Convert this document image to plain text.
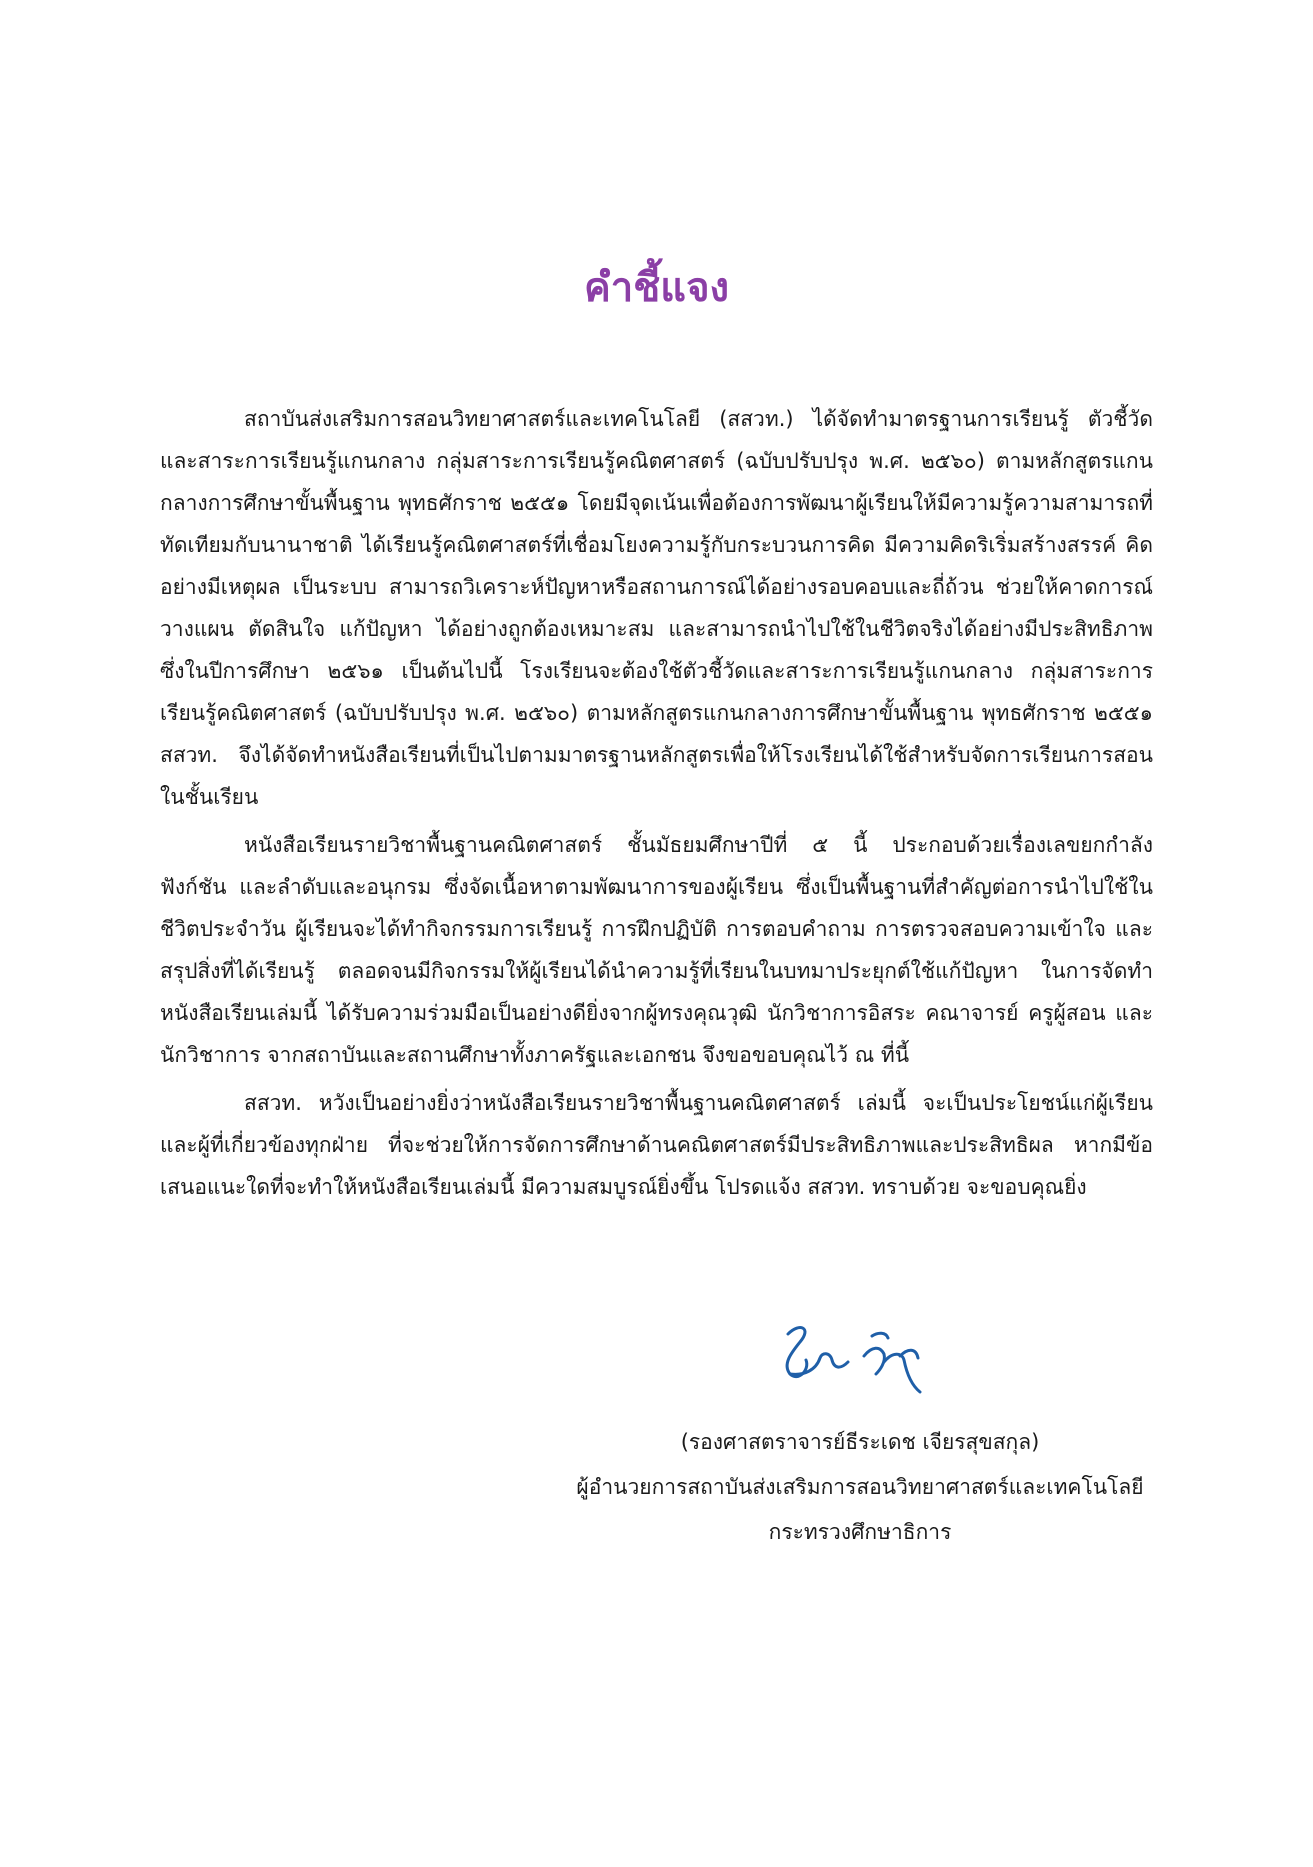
คำชี้แจง

สถาบันส่งเสริมการสอนวิทยาศาสตร์และเทคโนโลยี (สสวท.) ได้จัดทำมาตรฐานการเรียนรู้ ตัวชี้วัด และสาระการเรียนรู้แกนกลาง กลุ่มสาระการเรียนรู้คณิตศาสตร์ (ฉบับปรับปรุง พ.ศ. ๒๕๖๐) ตามหลักสูตรแกนกลางการศึกษาขั้นพื้นฐาน พุทธศักราช ๒๕๕๑ โดยมีจุดเน้นเพื่อต้องการพัฒนาผู้เรียนให้มีความรู้ความสามารถที่ทัดเทียมกับนานาชาติ ได้เรียนรู้คณิตศาสตร์ที่เชื่อมโยงความรู้กับกระบวนการคิด มีความคิดริเริ่มสร้างสรรค์ คิดอย่างมีเหตุผล เป็นระบบ สามารถวิเคราะห์ปัญหาหรือสถานการณ์ได้อย่างรอบคอบและถี่ถ้วน ช่วยให้คาดการณ์ วางแผน ตัดสินใจ แก้ปัญหา ได้อย่างถูกต้องเหมาะสม และสามารถนำไปใช้ในชีวิตจริงได้อย่างมีประสิทธิภาพ ซึ่งในปีการศึกษา ๒๕๖๑ เป็นต้นไปนี้ โรงเรียนจะต้องใช้ตัวชี้วัดและสาระการเรียนรู้แกนกลาง กลุ่มสาระการเรียนรู้คณิตศาสตร์ (ฉบับปรับปรุง พ.ศ. ๒๕๖๐) ตามหลักสูตรแกนกลางการศึกษาขั้นพื้นฐาน พุทธศักราช ๒๕๕๑ สสวท. จึงได้จัดทำหนังสือเรียนที่เป็นไปตามมาตรฐานหลักสูตรเพื่อให้โรงเรียนได้ใช้สำหรับจัดการเรียนการสอนในชั้นเรียน

หนังสือเรียนรายวิชาพื้นฐานคณิตศาสตร์ ชั้นมัธยมศึกษาปีที่ ๕ นี้ ประกอบด้วยเรื่องเลขยกกำลัง ฟังก์ชัน และลำดับและอนุกรม ซึ่งจัดเนื้อหาตามพัฒนาการของผู้เรียน ซึ่งเป็นพื้นฐานที่สำคัญต่อการนำไปใช้ในชีวิตประจำวัน ผู้เรียนจะได้ทำกิจกรรมการเรียนรู้ การฝึกปฏิบัติ การตอบคำถาม การตรวจสอบความเข้าใจ และสรุปสิ่งที่ได้เรียนรู้ ตลอดจนมีกิจกรรมให้ผู้เรียนได้นำความรู้ที่เรียนในบทมาประยุกต์ใช้แก้ปัญหา ในการจัดทำหนังสือเรียนเล่มนี้ ได้รับความร่วมมือเป็นอย่างดียิ่งจากผู้ทรงคุณวุฒิ นักวิชาการอิสระ คณาจารย์ ครูผู้สอน และนักวิชาการ จากสถาบันและสถานศึกษาทั้งภาครัฐและเอกชน จึงขอขอบคุณไว้ ณ ที่นี้

สสวท. หวังเป็นอย่างยิ่งว่าหนังสือเรียนรายวิชาพื้นฐานคณิตศาสตร์ เล่มนี้ จะเป็นประโยชน์แก่ผู้เรียน และผู้ที่เกี่ยวข้องทุกฝ่าย ที่จะช่วยให้การจัดการศึกษาด้านคณิตศาสตร์มีประสิทธิภาพและประสิทธิผล หากมีข้อเสนอแนะใดที่จะทำให้หนังสือเรียนเล่มนี้ มีความสมบูรณ์ยิ่งขึ้น โปรดแจ้ง สสวท. ทราบด้วย จะขอบคุณยิ่ง

(รองศาสตราจารย์ธีระเดช เจียรสุขสกุล)
ผู้อำนวยการสถาบันส่งเสริมการสอนวิทยาศาสตร์และเทคโนโลยี
กระทรวงศึกษาธิการ
